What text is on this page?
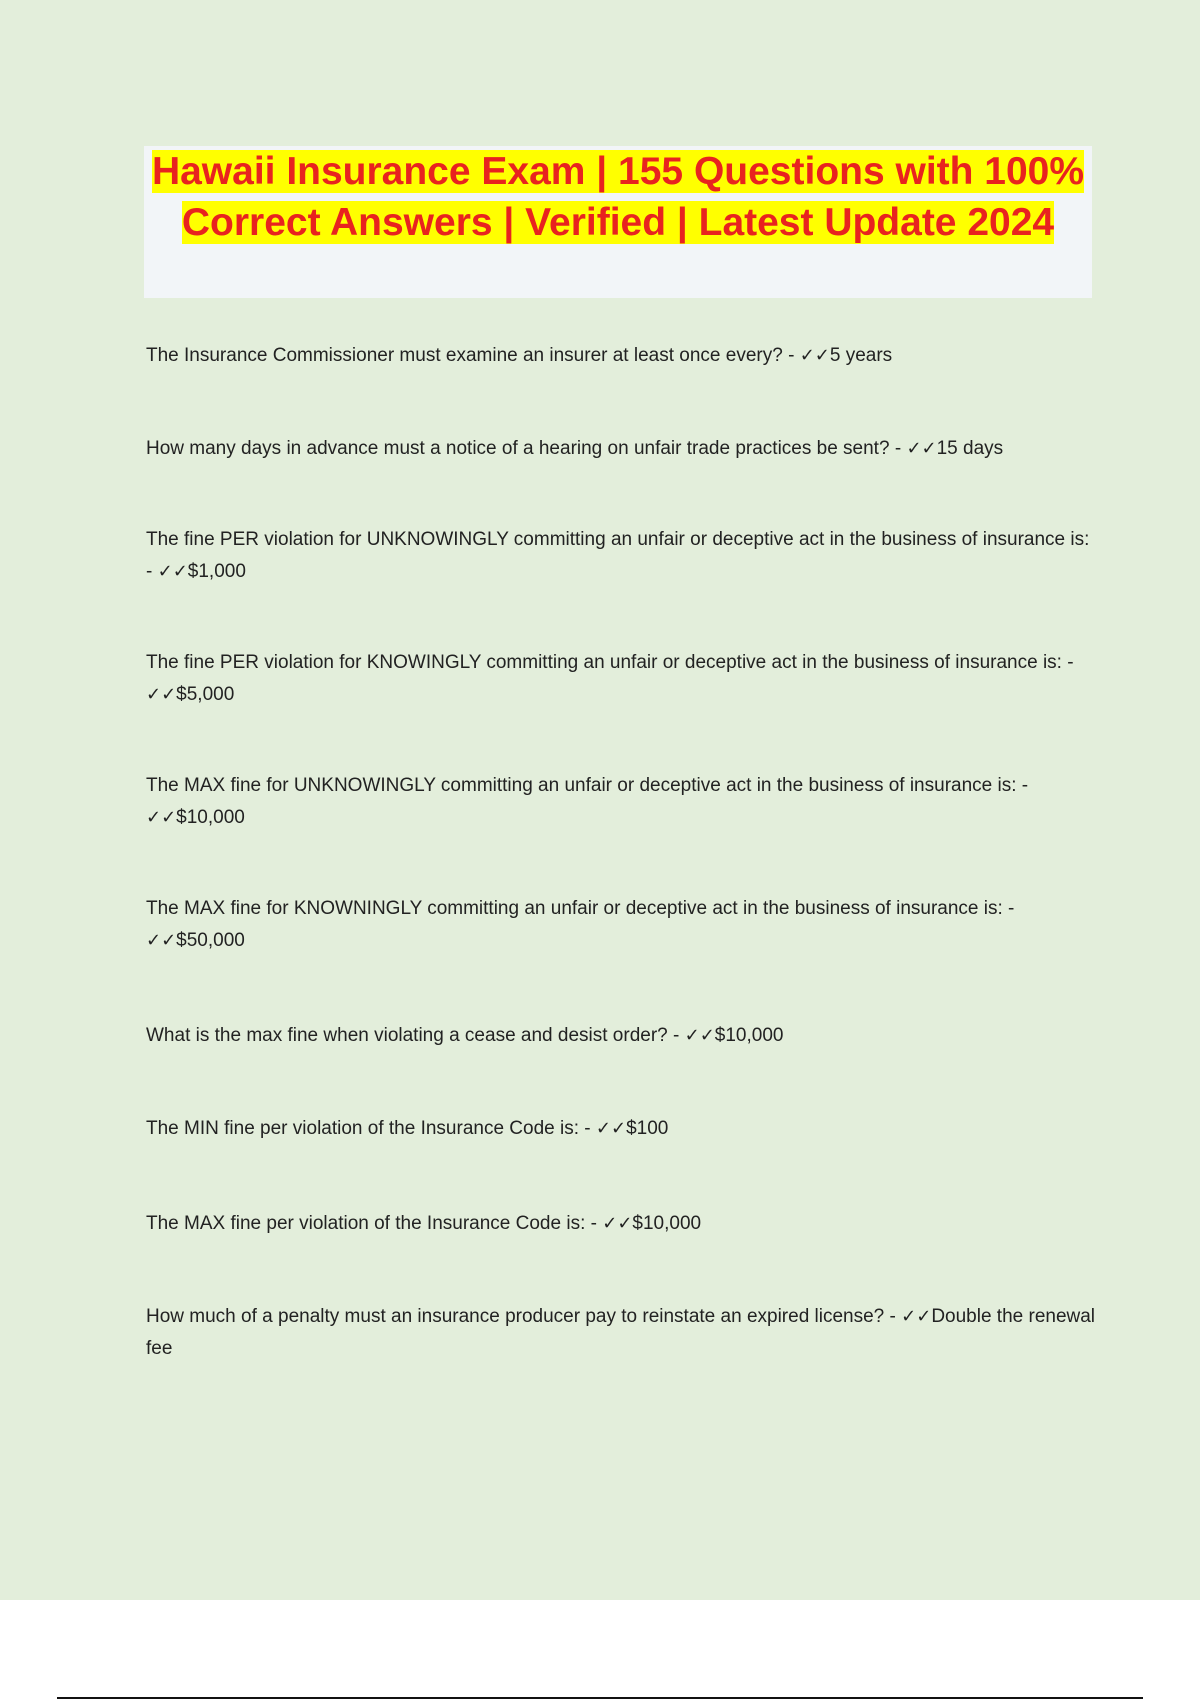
Hawaii Insurance Exam | 155 Questions with 100% Correct Answers | Verified | Latest Update 2024

The Insurance Commissioner must examine an insurer at least once every? - ✓✓5 years

How many days in advance must a notice of a hearing on unfair trade practices be sent? - ✓✓15 days

The fine PER violation for UNKNOWINGLY committing an unfair or deceptive act in the business of insurance is: - ✓✓$1,000

The fine PER violation for KNOWINGLY committing an unfair or deceptive act in the business of insurance is: - ✓✓$5,000

The MAX fine for UNKNOWINGLY committing an unfair or deceptive act in the business of insurance is: - ✓✓$10,000

The MAX fine for KNOWNINGLY committing an unfair or deceptive act in the business of insurance is: - ✓✓$50,000

What is the max fine when violating a cease and desist order? - ✓✓$10,000

The MIN fine per violation of the Insurance Code is: - ✓✓$100

The MAX fine per violation of the Insurance Code is: - ✓✓$10,000

How much of a penalty must an insurance producer pay to reinstate an expired license? - ✓✓Double the renewal fee
